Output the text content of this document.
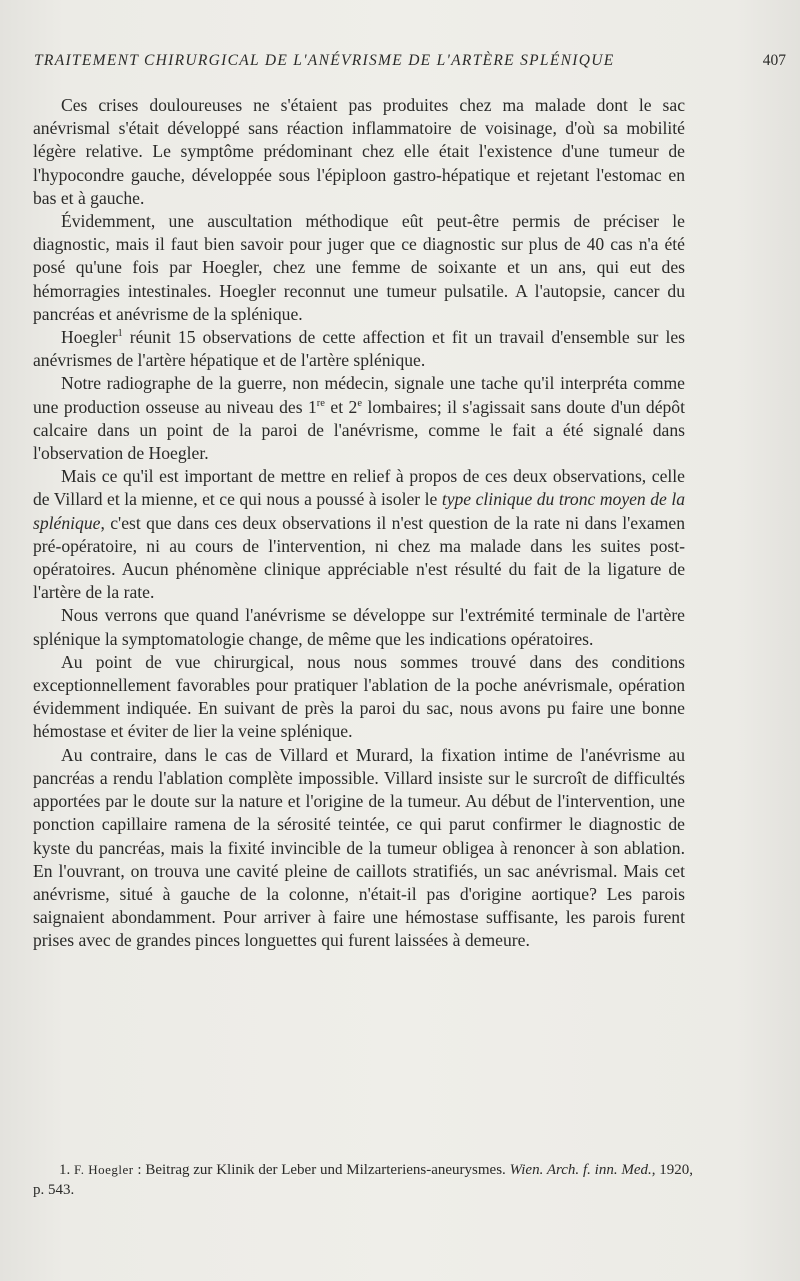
TRAITEMENT CHIRURGICAL DE L'ANÉVRISME DE L'ARTÈRE SPLÉNIQUE	407

Ces crises douloureuses ne s'étaient pas produites chez ma malade dont le sac anévrismal s'était développé sans réaction inflammatoire de voisinage, d'où sa mobilité légère relative. Le symptôme prédominant chez elle était l'existence d'une tumeur de l'hypocondre gauche, développée sous l'épiploon gastro-hépatique et rejetant l'estomac en bas et à gauche.

Évidemment, une auscultation méthodique eût peut-être permis de préciser le diagnostic, mais il faut bien savoir pour juger que ce diagnostic sur plus de 40 cas n'a été posé qu'une fois par Hoegler, chez une femme de soixante et un ans, qui eut des hémorragies intestinales. Hoegler reconnut une tumeur pulsatile. A l'autopsie, cancer du pancréas et anévrisme de la splénique.

Hoegler$^1$ réunit 15 observations de cette affection et fit un travail d'ensemble sur les anévrismes de l'artère hépatique et de l'artère splénique.

Notre radiographe de la guerre, non médecin, signale une tache qu'il interpréta comme une production osseuse au niveau des 1re et 2e lombaires; il s'agissait sans doute d'un dépôt calcaire dans un point de la paroi de l'anévrisme, comme le fait a été signalé dans l'observation de Hoegler.

Mais ce qu'il est important de mettre en relief à propos de ces deux observations, celle de Villard et la mienne, et ce qui nous a poussé à isoler le type clinique du tronc moyen de la splénique, c'est que dans ces deux observations il n'est question de la rate ni dans l'examen pré-opératoire, ni au cours de l'intervention, ni chez ma malade dans les suites post-opératoires. Aucun phénomène clinique appréciable n'est résulté du fait de la ligature de l'artère de la rate.

Nous verrons que quand l'anévrisme se développe sur l'extrémité terminale de l'artère splénique la symptomatologie change, de même que les indications opératoires.

Au point de vue chirurgical, nous nous sommes trouvé dans des conditions exceptionnellement favorables pour pratiquer l'ablation de la poche anévrismale, opération évidemment indiquée. En suivant de près la paroi du sac, nous avons pu faire une bonne hémostase et éviter de lier la veine splénique.

Au contraire, dans le cas de Villard et Murard, la fixation intime de l'anévrisme au pancréas a rendu l'ablation complète impossible. Villard insiste sur le surcroît de difficultés apportées par le doute sur la nature et l'origine de la tumeur. Au début de l'intervention, une ponction capillaire ramena de la sérosité teintée, ce qui parut confirmer le diagnostic de kyste du pancréas, mais la fixité invincible de la tumeur obligea à renoncer à son ablation. En l'ouvrant, on trouva une cavité pleine de caillots stratifiés, un sac anévrismal. Mais cet anévrisme, situé à gauche de la colonne, n'était-il pas d'origine aortique? Les parois saignaient abondamment. Pour arriver à faire une hémostase suffisante, les parois furent prises avec de grandes pinces longuettes qui furent laissées à demeure.

1. F. Hoegler : Beitrag zur Klinik der Leber und Milzarteriens-aneurysmes. Wien. Arch. f. inn. Med., 1920, p. 543.
